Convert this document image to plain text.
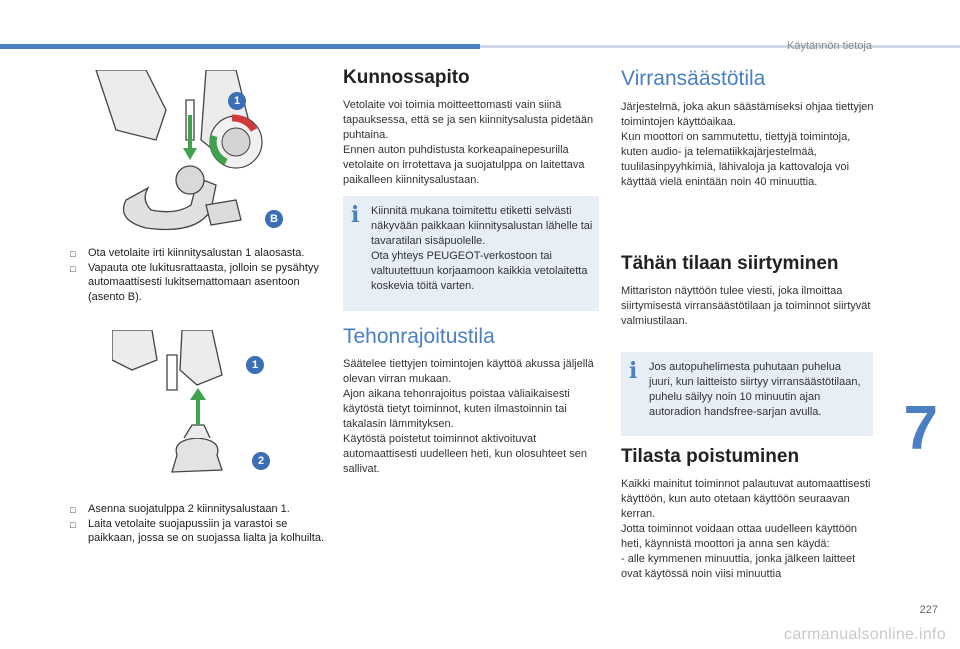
Käytännön tietoja
1
B
□ Ota vetolaite irti kiinnitysalustan 1 alaosasta.
□ Vapauta ote lukitusrattaasta, jolloin se pysähtyy automaattisesti lukitsemattomaan asentoon (asento B).
1
2
□ Asenna suojatulppa 2 kiinnitysalustaan 1.
□ Laita vetolaite suojapussiin ja varastoi se paikkaan, jossa se on suojassa lialta ja kolhuilta.
Kunnossapito

Vetolaite voi toimia moitteettomasti vain siinä tapauksessa, että se ja sen kiinnitysalusta pidetään puhtaina.
Ennen auton puhdistusta korkeapainepesurilla vetolaite on irrotettava ja suojatulppa on laitettava paikalleen kiinnitysalustaan.

i Kiinnitä mukana toimitettu etiketti selvästi näkyvään paikkaan kiinnitysalustan lähelle tai tavaratilan sisäpuolelle.
Ota yhteys PEUGEOT-verkostoon tai valtuutettuun korjaamoon kaikkia vetolaitetta koskevia töitä varten.
Tehonrajoitustila

Säätelee tiettyjen toimintojen käyttöä akussa jäljellä olevan virran mukaan.
Ajon aikana tehonrajoitus poistaa väliaikaisesti käytöstä tietyt toiminnot, kuten ilmastoinnin tai takalasin lämmityksen.
Käytöstä poistetut toiminnot aktivoituvat automaattisesti uudelleen heti, kun olosuhteet sen sallivat.

Virransäästötila

Järjestelmä, joka akun säästämiseksi ohjaa tiettyjen toimintojen käyttöaikaa.
Kun moottori on sammutettu, tiettyjä toimintoja, kuten audio- ja telematiikkajärjestelmää, tuulilasinpyyhkimiä, lähivaloja ja kattovaloja voi käyttää vielä enintään noin 40 minuuttia.

Tähän tilaan siirtyminen

Mittariston näyttöön tulee viesti, joka ilmoittaa siirtymisestä virransäästötilaan ja toiminnot siirtyvät valmiustilaan.

i Jos autopuhelimesta puhutaan puhelua juuri, kun laitteisto siirtyy virransäästötilaan, puhelu säilyy noin 10 minuutin ajan autoradion handsfree-sarjan avulla.
Tilasta poistuminen

Kaikki mainitut toiminnot palautuvat automaattisesti käyttöön, kun auto otetaan käyttöön seuraavan kerran.
Jotta toiminnot voidaan ottaa uudelleen käyttöön heti, käynnistä moottori ja anna sen käydä:
- alle kymmenen minuuttia, jonka jälkeen laitteet ovat käytössä noin viisi minuuttia

7
227
carmanualsonline.info
